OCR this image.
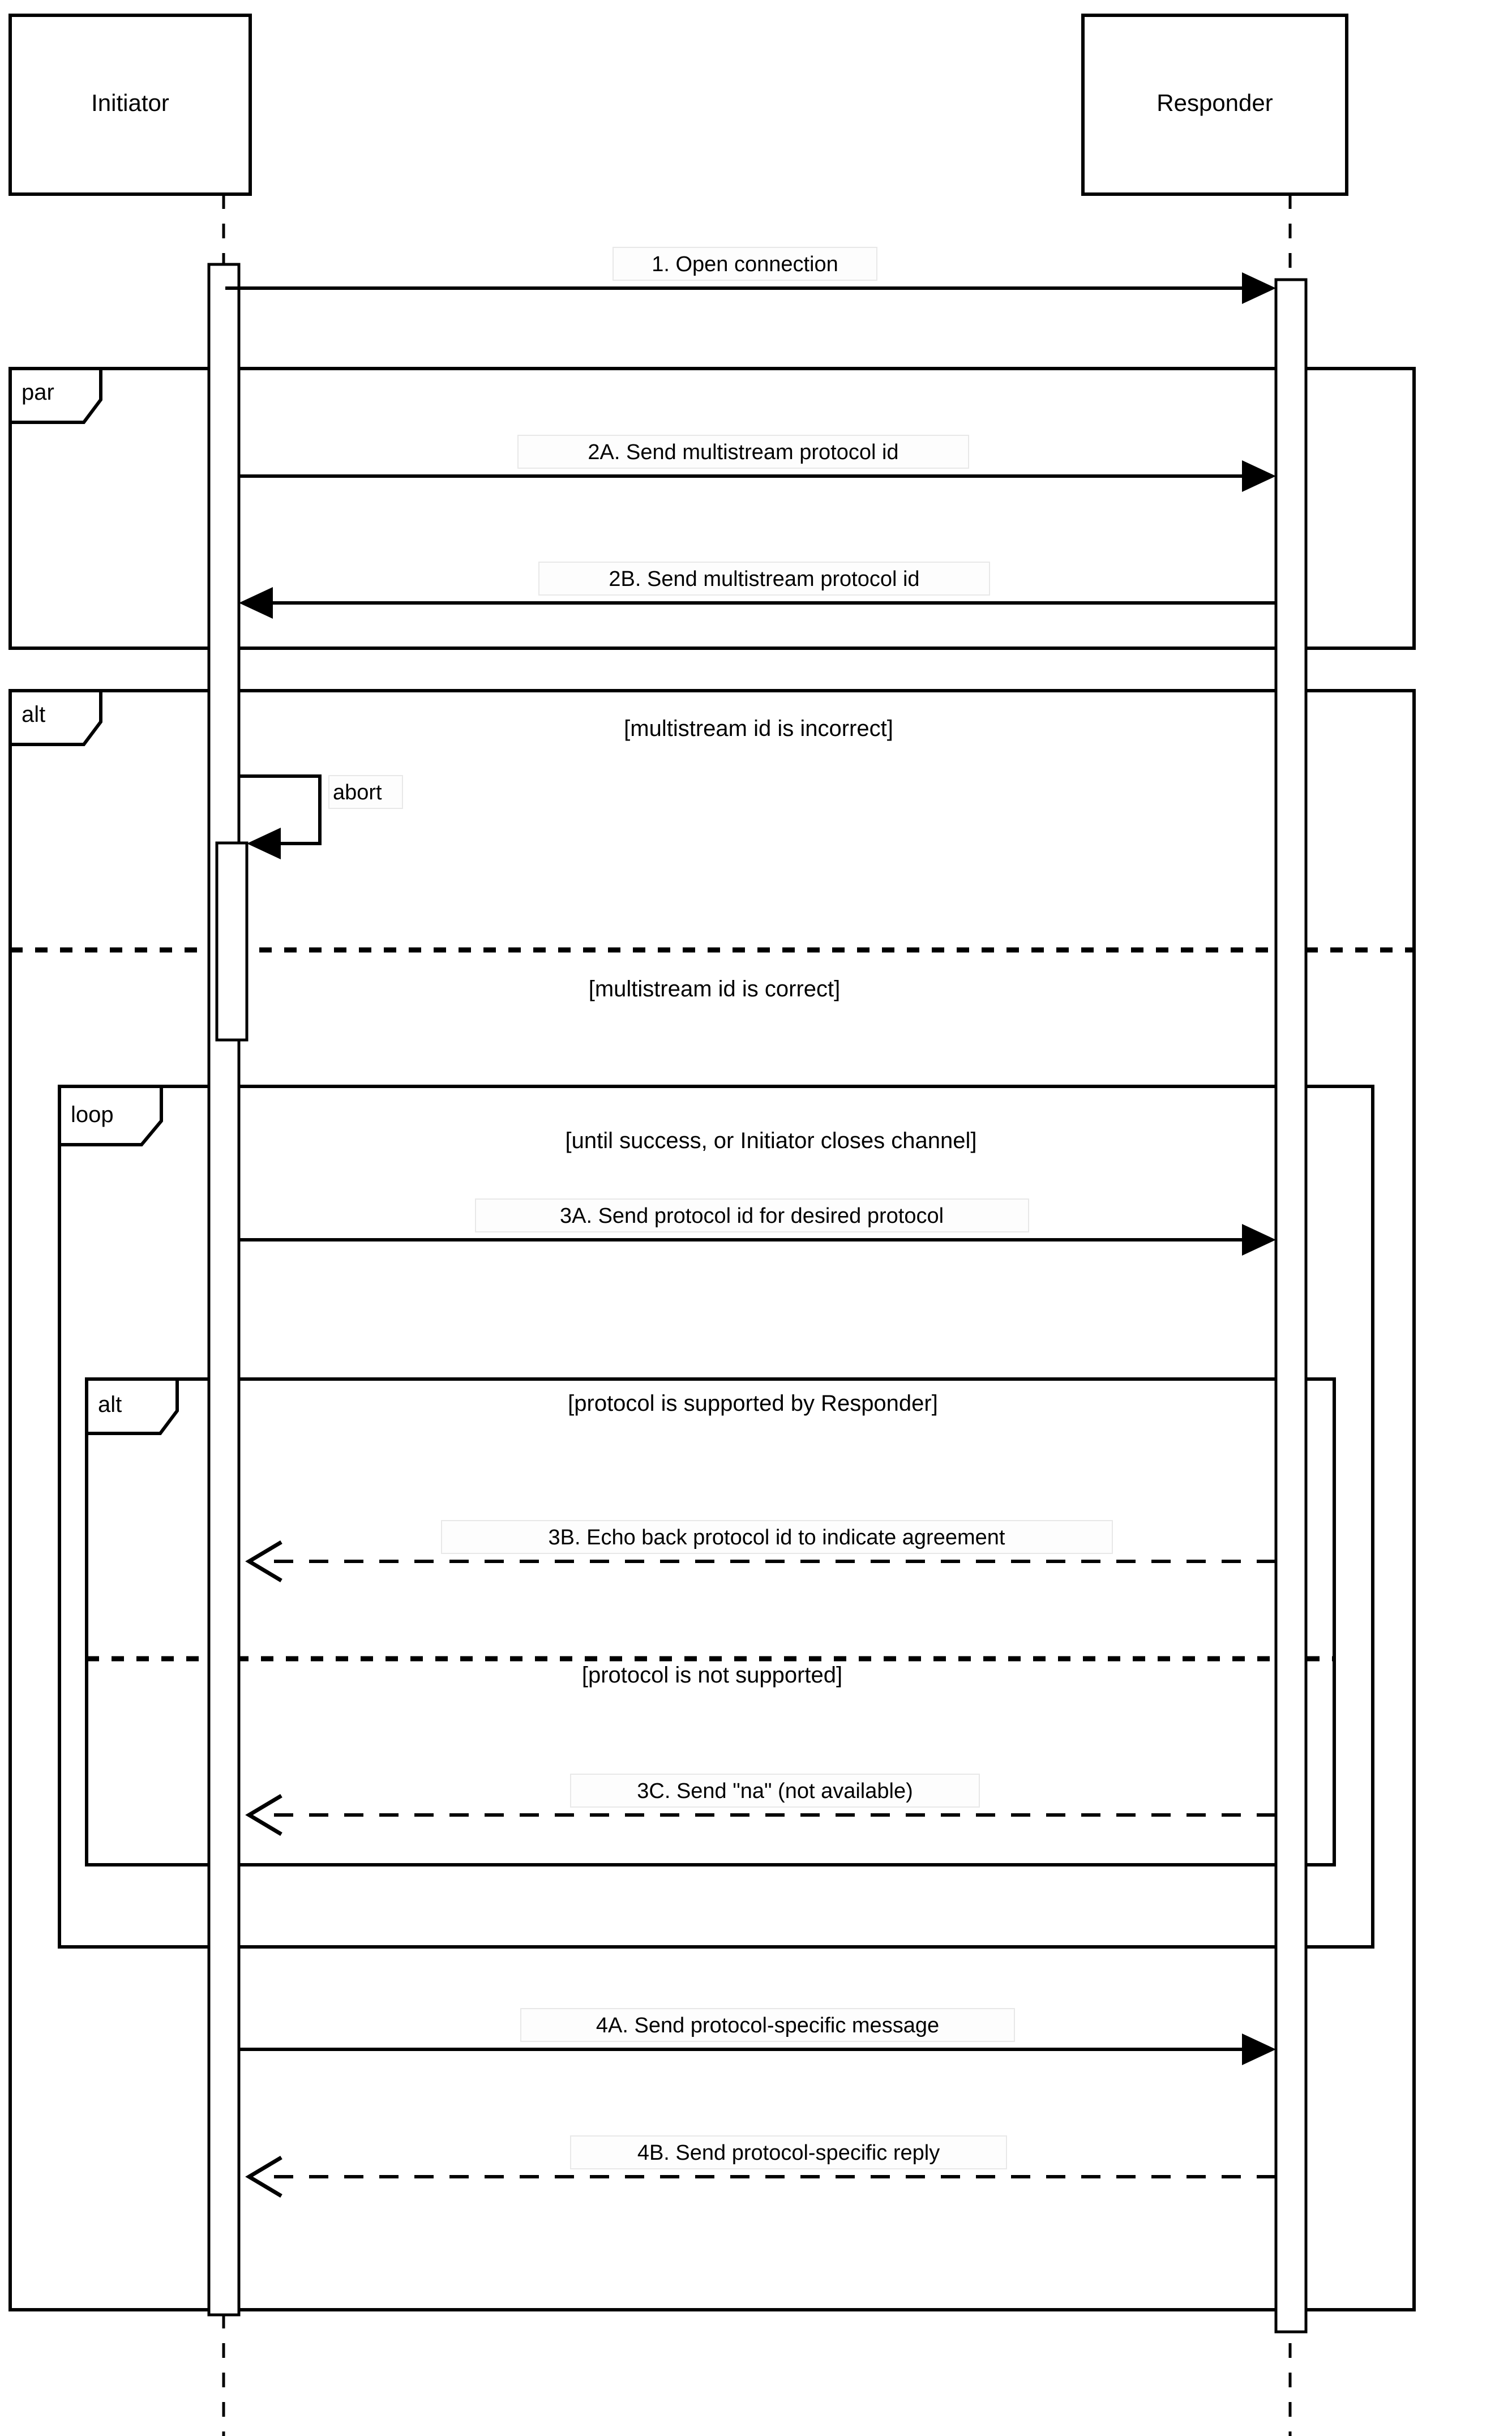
alt
[multistream id is incorrect]
[multistream id is correct]
par
loop
[until success, or Initiator closes channel]
alt	[protocol is supported by Responder]
[protocol is not supported]
Initiator	Responder
1. Open connection
2A. Send multistream protocol id
2B. Send multistream protocol id
abort
3A. Send protocol id for desired protocol
3B. Echo back protocol id to indicate agreement
3C. Send "na" (not available)
4A. Send protocol-specific message
4B. Send protocol-specific reply
